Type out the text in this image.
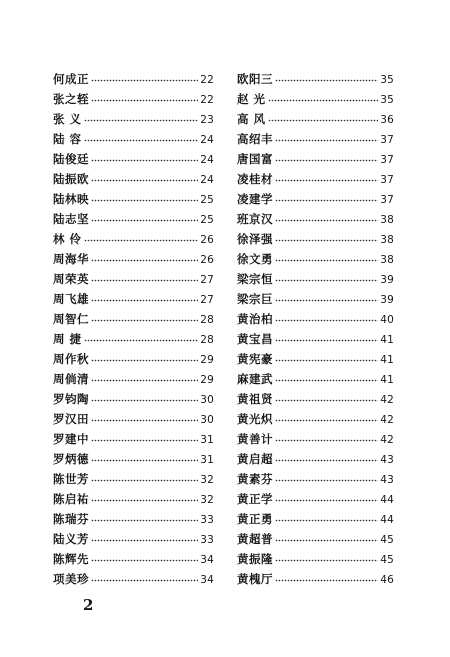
何成正	22
张之轾	22
张 义	23
陆 容	24
陆俊廷	24
陆振欧	24
陆林映	25
陆志坚	25
林 伶	26
周海华	26
周荣英	27
周飞雄	27
周智仁	28
周 捷	28
周作秋	29
周倘清	29
罗钧陶	30
罗汉田	30
罗建中	31
罗炳德	31
陈世芳	32
陈启祐	32
陈瑞芬	33
陆义芳	33
陈辉先	34
项美珍	34
欧阳三	35
赵 光	35
高 风	36
高绍丰	37
唐国富	37
凌桂材	37
凌建学	37
班京汉	38
徐泽强	38
徐文勇	38
梁宗恒	39
梁宗巨	39
黄治柏	40
黄宝昌	41
黄宪豪	41
麻建武	41
黄祖贤	42
黄光炽	42
黄善计	42
黄启超	43
黄素芬	43
黄正学	44
黄正勇	44
黄超普	45
黄振隆	45
黄槐厅	46
2
